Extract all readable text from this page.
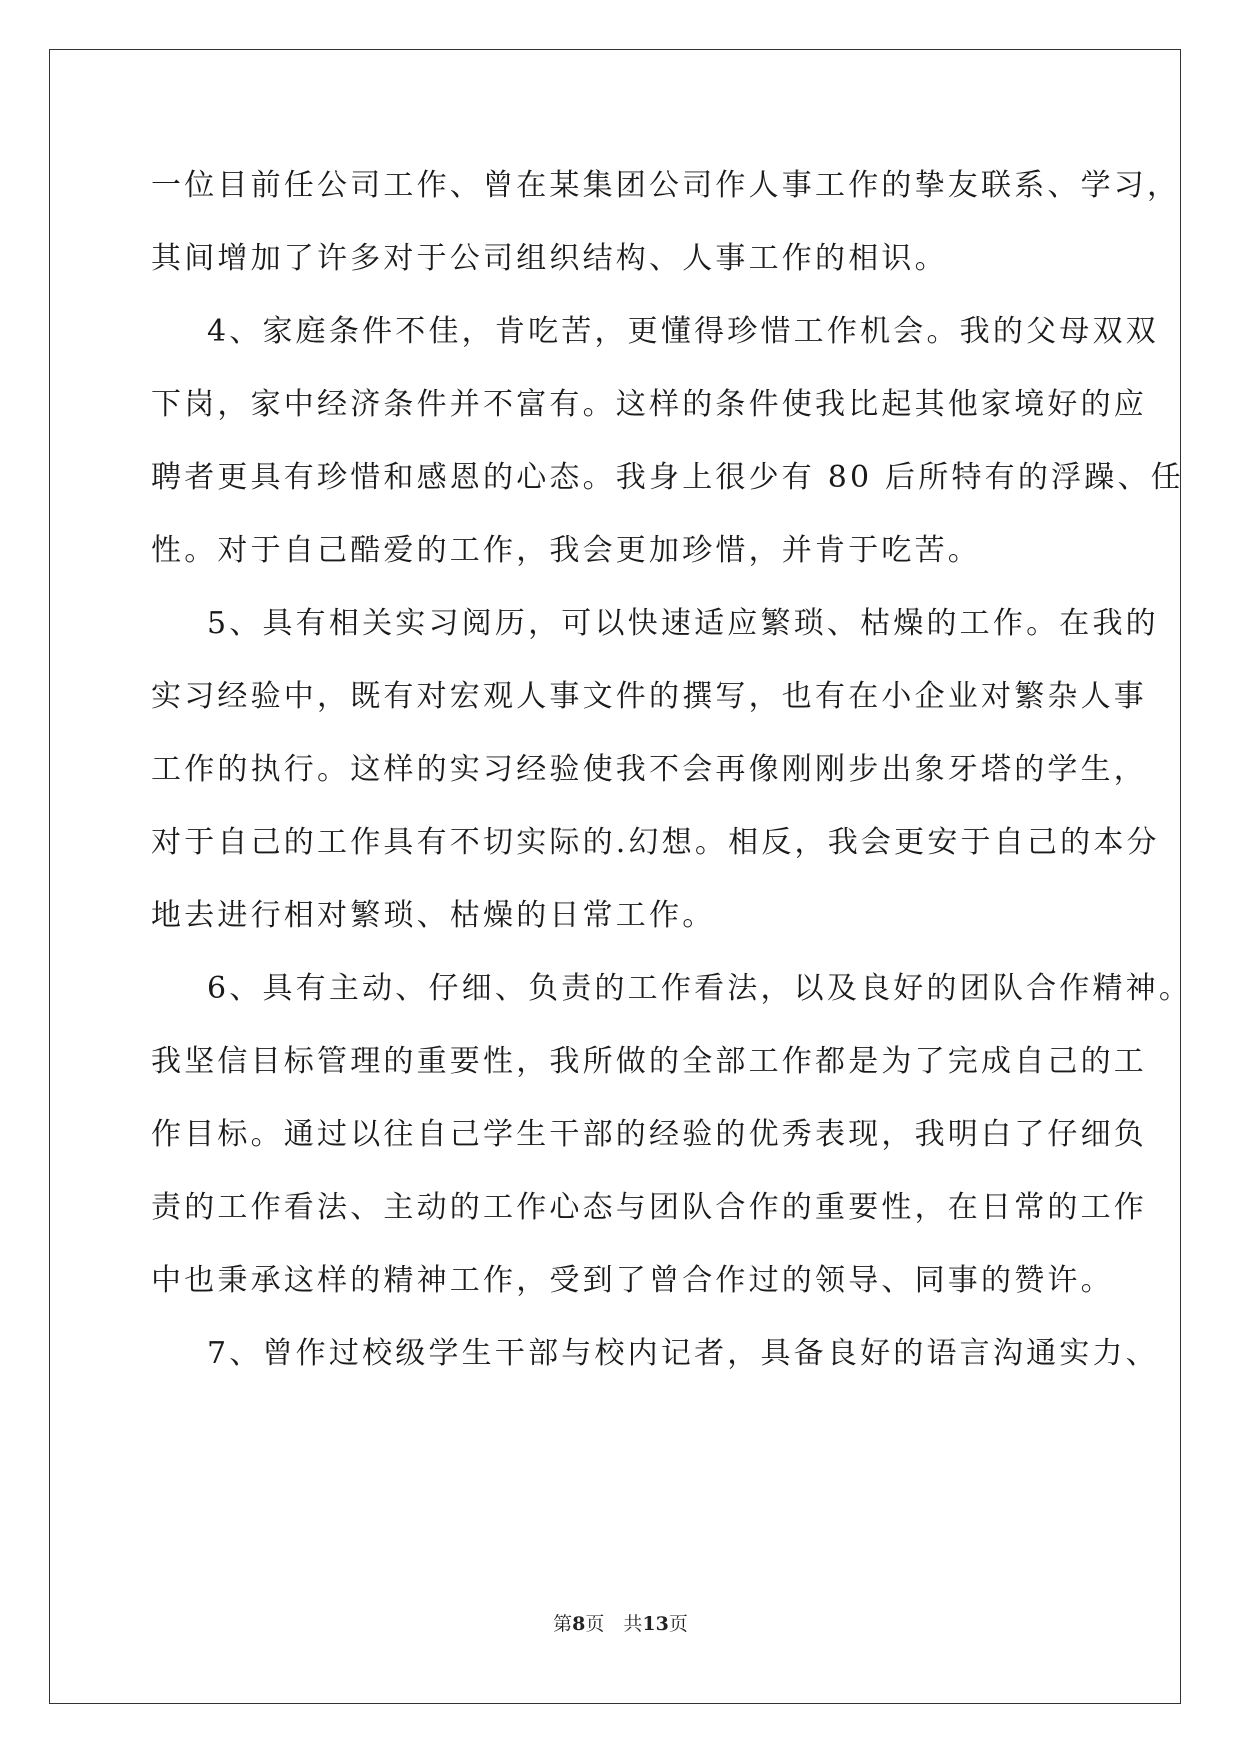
一位目前任公司工作、曾在某集团公司作人事工作的挚友联系、学习，
其间增加了许多对于公司组织结构、人事工作的相识。
4、家庭条件不佳，肯吃苦，更懂得珍惜工作机会。我的父母双双
下岗，家中经济条件并不富有。这样的条件使我比起其他家境好的应
聘者更具有珍惜和感恩的心态。我身上很少有 80 后所特有的浮躁、任
性。对于自己酷爱的工作，我会更加珍惜，并肯于吃苦。
5、具有相关实习阅历，可以快速适应繁琐、枯燥的工作。在我的
实习经验中，既有对宏观人事文件的撰写，也有在小企业对繁杂人事
工作的执行。这样的实习经验使我不会再像刚刚步出象牙塔的学生，
对于自己的工作具有不切实际的.幻想。相反，我会更安于自己的本分
地去进行相对繁琐、枯燥的日常工作。
6、具有主动、仔细、负责的工作看法，以及良好的团队合作精神。
我坚信目标管理的重要性，我所做的全部工作都是为了完成自己的工
作目标。通过以往自己学生干部的经验的优秀表现，我明白了仔细负
责的工作看法、主动的工作心态与团队合作的重要性，在日常的工作
中也秉承这样的精神工作，受到了曾合作过的领导、同事的赞许。
7、曾作过校级学生干部与校内记者，具备良好的语言沟通实力、
第8页　共13页
